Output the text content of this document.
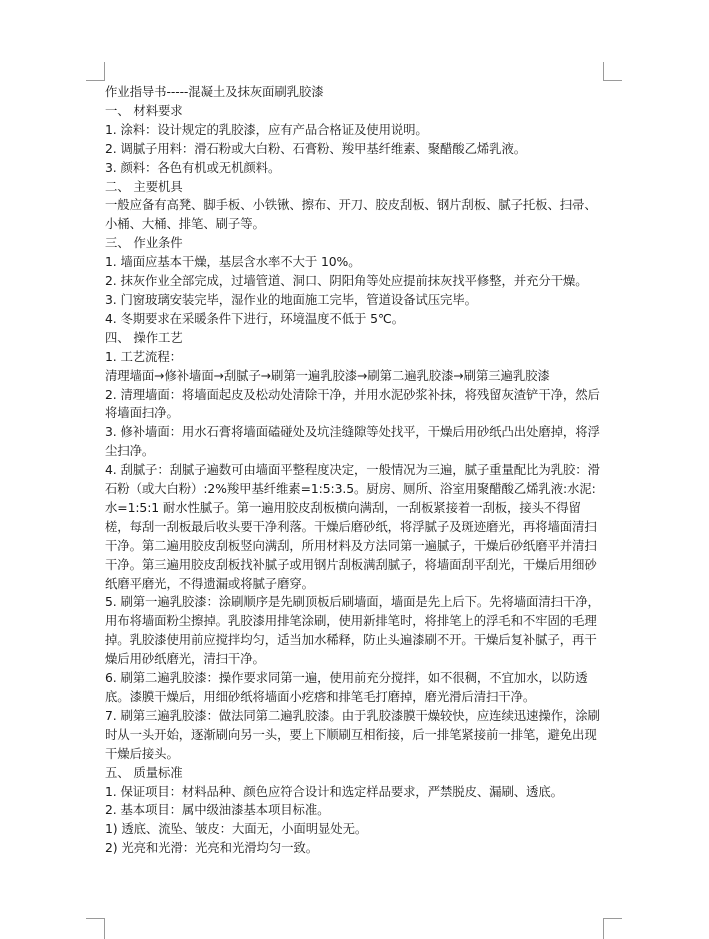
作业指导书-----混凝土及抹灰面刷乳胶漆

一、 材料要求

1. 涂料：设计规定的乳胶漆，应有产品合格证及使用说明。

2. 调腻子用料：滑石粉或大白粉、石膏粉、羧甲基纤维素、聚醋酸乙烯乳液。

3. 颜料：各色有机或无机颜料。

二、 主要机具

一般应备有高凳、脚手板、小铁锹、擦布、开刀、胶皮刮板、钢片刮板、腻子托板、扫帚、小桶、大桶、排笔、刷子等。

三、 作业条件

1. 墙面应基本干燥，基层含水率不大于 10%。

2. 抹灰作业全部完成，过墙管道、洞口、阴阳角等处应提前抹灰找平修整，并充分干燥。

3. 门窗玻璃安装完毕，湿作业的地面施工完毕，管道设备试压完毕。

4. 冬期要求在采暖条件下进行，环境温度不低于 5℃。

四、 操作工艺

1. 工艺流程：

清理墙面→修补墙面→刮腻子→刷第一遍乳胶漆→刷第二遍乳胶漆→刷第三遍乳胶漆

2. 清理墙面：将墙面起皮及松动处清除干净，并用水泥砂浆补抹，将残留灰渣铲干净，然后将墙面扫净。

3. 修补墙面：用水石膏将墙面磕碰处及坑洼缝隙等处找平，干燥后用砂纸凸出处磨掉，将浮尘扫净。

4. 刮腻子：刮腻子遍数可由墙面平整程度决定，一般情况为三遍，腻子重量配比为乳胶：滑石粉（或大白粉）:2%羧甲基纤维素=1:5:3.5。厨房、厕所、浴室用聚醋酸乙烯乳液:水泥:水=1:5:1 耐水性腻子。第一遍用胶皮刮板横向满刮，一刮板紧接着一刮板，接头不得留槎，每刮一刮板最后收头要干净利落。干燥后磨砂纸，将浮腻子及斑迹磨光，再将墙面清扫干净。第二遍用胶皮刮板竖向满刮，所用材料及方法同第一遍腻子，干燥后砂纸磨平并清扫干净。第三遍用胶皮刮板找补腻子或用钢片刮板满刮腻子，将墙面刮平刮光，干燥后用细砂纸磨平磨光，不得遗漏或将腻子磨穿。

5. 刷第一遍乳胶漆：涂刷顺序是先刷顶板后刷墙面，墙面是先上后下。先将墙面清扫干净，用布将墙面粉尘擦掉。乳胶漆用排笔涂刷，使用新排笔时，将排笔上的浮毛和不牢固的毛理掉。乳胶漆使用前应搅拌均匀，适当加水稀释，防止头遍漆刷不开。干燥后复补腻子，再干燥后用砂纸磨光，清扫干净。

6. 刷第二遍乳胶漆：操作要求同第一遍，使用前充分搅拌，如不很稠，不宜加水，以防透底。漆膜干燥后，用细砂纸将墙面小疙瘩和排笔毛打磨掉，磨光滑后清扫干净。

7. 刷第三遍乳胶漆：做法同第二遍乳胶漆。由于乳胶漆膜干燥较快，应连续迅速操作，涂刷时从一头开始，逐渐刷向另一头，要上下顺刷互相衔接，后一排笔紧接前一排笔，避免出现干燥后接头。

五、 质量标准

1. 保证项目：材料品种、颜色应符合设计和选定样品要求，严禁脱皮、漏刷、透底。

2. 基本项目：属中级油漆基本项目标准。

1) 透底、流坠、皱皮：大面无，小面明显处无。

2) 光亮和光滑：光亮和光滑均匀一致。
